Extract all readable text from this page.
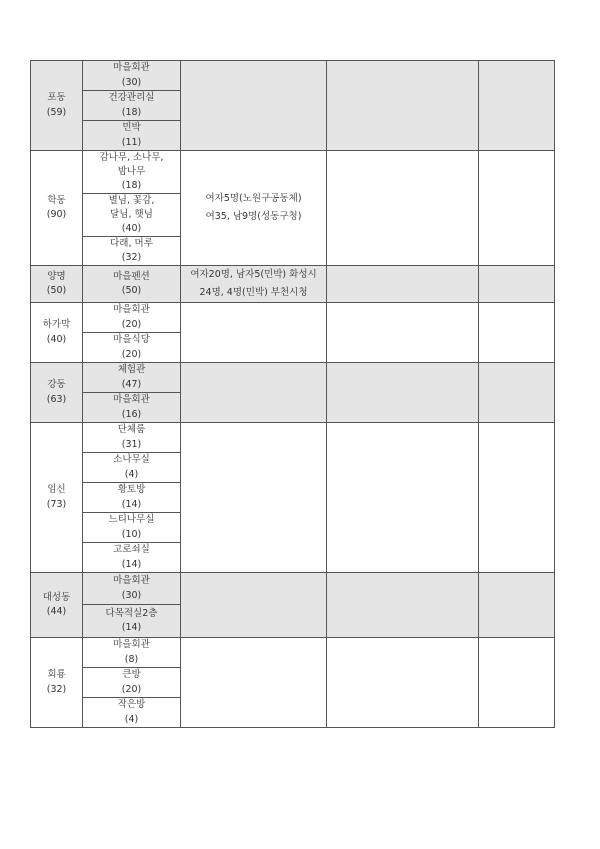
포동
(59)	마을회관
(30)			

	건강관리실
(18)			

	민박
(11)			

학동
(90)	감나무, 소나무,
밤나무
(18)	여자5명(노원구공동체)
여35, 남9명(성동구청)		

	별님, 꽃감,
달님, 햇님
(40)			

	다래, 머루
(32)			

양명
(50)	마을펜션
(50)	여자20명, 남자5(민박) 화성시
24명, 4명(민박) 부천시청		

하가막
(40)	마을회관
(20)			

	마을식당
(20)			

강동
(63)	체험관
(47)			

	마을회관
(16)			

임신
(73)	단체룸
(31)			

	소나무실
(4)			

	황토방
(14)			

	느티나무실
(10)			

	고로쇠실
(14)			

대성동
(44)	마을회관
(30)			

	다목적실2층
(14)			

회룡
(32)	마을회관
(8)			

	큰방
(20)			

	작은방
(4)			
